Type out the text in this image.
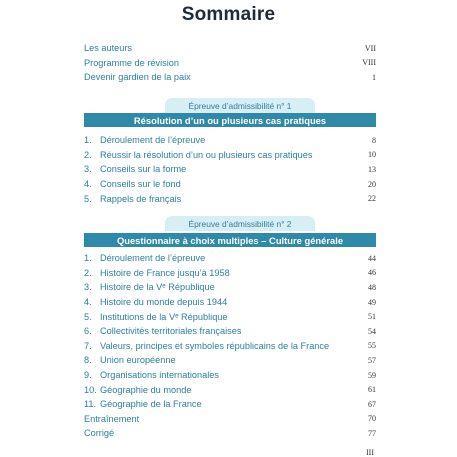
Sommaire
Les auteurs	VII
Programme de révision	VIII
Devenir gardien de la paix	1
Épreuve d’admissibilité n° 1
Résolution d’un ou plusieurs cas pratiques
1. Déroulement de l’épreuve	8
2. Réussir la résolution d’un ou plusieurs cas pratiques	10
3. Conseils sur la forme	13
4. Conseils sur le fond	20
5. Rappels de français	22
Épreuve d’admissibilité n° 2
Questionnaire à choix multiples – Culture générale
1. Déroulement de l’épreuve	44
2. Histoire de France jusqu’à 1958	46
3. Histoire de la Vᵉ République	48
4. Histoire du monde depuis 1944	49
5. Institutions de la Vᵉ République	51
6. Collectivités territoriales françaises	54
7. Valeurs, principes et symboles républicains de la France	55
8. Union européenne	57
9. Organisations internationales	59
10. Géographie du monde	61
11. Géographie de la France	67
Entraînement	70
Corrigé	77
III
